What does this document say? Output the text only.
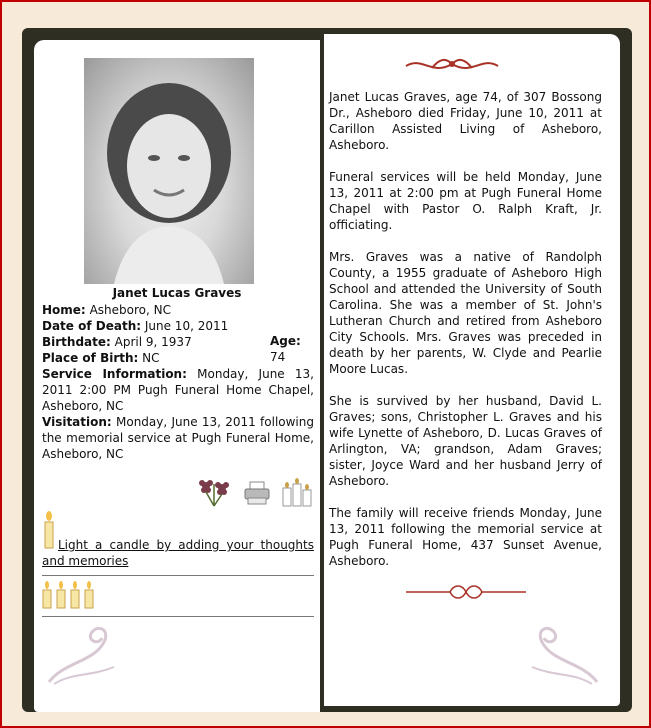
Janet Lucas Graves
Home: Asheboro, NC
Date of Death: June 10, 2011
Birthdate: April 9, 1937
Place of Birth: NC
Service Information: Monday, June 13, 2011 2:00 PM Pugh Funeral Home Chapel, Asheboro, NC
Visitation: Monday, June 13, 2011 following the memorial service at Pugh Funeral Home, Asheboro, NC
Age:
74
Light a candle by adding your thoughts and memories

Janet Lucas Graves, age 74, of 307 Bossong Dr., Asheboro died Friday, June 10, 2011 at Carillon Assisted Living of Asheboro, Asheboro.

Funeral services will be held Monday, June 13, 2011 at 2:00 pm at Pugh Funeral Home Chapel with Pastor O. Ralph Kraft, Jr. officiating.

Mrs. Graves was a native of Randolph County, a 1955 graduate of Asheboro High School and attended the University of South Carolina. She was a member of St. John's Lutheran Church and retired from Asheboro City Schools. Mrs. Graves was preceded in death by her parents, W. Clyde and Pearlie Moore Lucas.

She is survived by her husband, David L. Graves; sons, Christopher L. Graves and his wife Lynette of Asheboro, D. Lucas Graves of Arlington, VA; grandson, Adam Graves; sister, Joyce Ward and her husband Jerry of Asheboro.

The family will receive friends Monday, June 13, 2011 following the memorial service at Pugh Funeral Home, 437 Sunset Avenue, Asheboro.
